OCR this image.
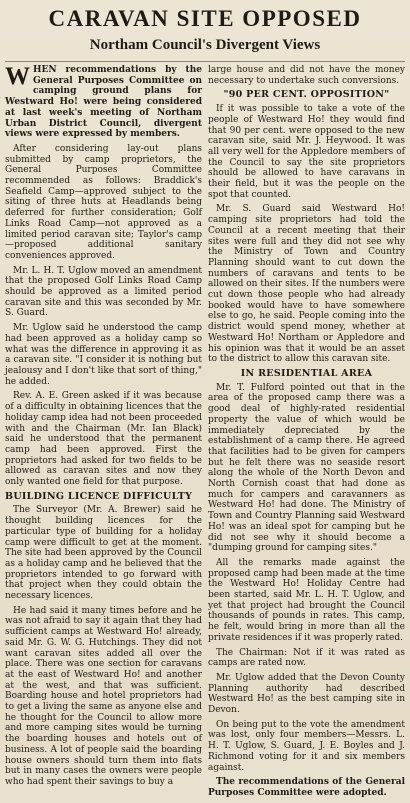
CARAVAN SITE OPPOSED
Northam Council's Divergent Views

WHEN recommendations by the General Purposes Committee on camping ground plans for Westward Ho! were being considered at last week's meeting of Northam Urban District Council, divergent views were expressed by members.

After considering lay-out plans submitted by camp proprietors, the General Purposes Committee recommended as follows: Braddick's Seafield Camp—approved subject to the siting of three huts at Headlands being deferred for further consideration; Golf Links Road Camp—not approved as a limited period caravan site; Taylor's camp—proposed additional sanitary conveniences approved.

Mr. L. H. T. Uglow moved an amendment that the proposed Golf Links Road Camp should be approved as a limited period caravan site and this was seconded by Mr. S. Guard.

Mr. Uglow said he understood the camp had been approved as a holiday camp so what was the difference in approving it as a caravan site. "I consider it is nothing but jealousy and I don't like that sort of thing," he added.

Rev. A. E. Green asked if it was because of a difficulty in obtaining licences that the holiday camp idea had not been proceeded with and the Chairman (Mr. Ian Black) said he understood that the permanent camp had been approved. First the proprietors had asked for two fields to be allowed as caravan sites and now they only wanted one field for that purpose.

BUILDING LICENCE DIFFICULTY

The Surveyor (Mr. A. Brewer) said he thought building licences for the particular type of building for a holiday camp were difficult to get at the moment. The site had been approved by the Council as a holiday camp and he believed that the proprietors intended to go forward with that project when they could obtain the necessary licences.

He had said it many times before and he was not afraid to say it again that they had sufficient camps at Westward Ho! already, said Mr. G. W. G. Hutchings. They did not want caravan sites added all over the place. There was one section for caravans at the east of Westward Ho! and another at the west, and that was sufficient. Boarding house and hotel proprietors had to get a living the same as anyone else and he thought for the Council to allow more and more camping sites would be turning the boarding houses and hotels out of business. A lot of people said the boarding house owners should turn them into flats but in many cases the owners were people who had spent their savings to buy a

large house and did not have the money necessary to undertake such conversions.

"90 PER CENT. OPPOSITION"

If it was possible to take a vote of the people of Westward Ho! they would find that 90 per cent. were opposed to the new caravan site, said Mr. J. Heywood. It was all very well for the Appledore members of the Council to say the site proprietors should be allowed to have caravans in their field, but it was the people on the spot that counted.

Mr. S. Guard said Westward Ho! camping site proprietors had told the Council at a recent meeting that their sites were full and they did not see why the Ministry of Town and Country Planning should want to cut down the numbers of caravans and tents to be allowed on their sites. If the numbers were cut down those people who had already booked would have to have somewhere else to go, he said. People coming into the district would spend money, whether at Westward Ho! Northam or Appledore and his opinion was that it would be an asset to the district to allow this caravan site.

IN RESIDENTIAL AREA

Mr. T. Fulford pointed out that in the area of the proposed camp there was a good deal of highly-rated residential property the value of which would be immediately depreciated by the establishment of a camp there. He agreed that facilities had to be given for campers but he felt there was no seaside resort along the whole of the North Devon and North Cornish coast that had done as much for campers and caravanners as Westward Ho! had done. The Ministry of Town and Country Planning said Westward Ho! was an ideal spot for camping but he did not see why it should become a "dumping ground for camping sites."

All the remarks made against the proposed camp had been made at the time the Westward Ho! Holiday Centre had been started, said Mr. L. H. T. Uglow, and yet that project had brought the Council thousands of pounds in rates. This camp, he felt, would bring in more than all the private residences if it was properly rated.

The Chairman: Not if it was rated as camps are rated now.

Mr. Uglow added that the Devon County Planning authority had described Westward Ho! as the best camping site in Devon.

On being put to the vote the amendment was lost, only four members—Messrs. L. H. T. Uglow, S. Guard, J. E. Boyles and J. Richmond voting for it and six members against.

The recommendations of the General Purposes Committee were adopted.
